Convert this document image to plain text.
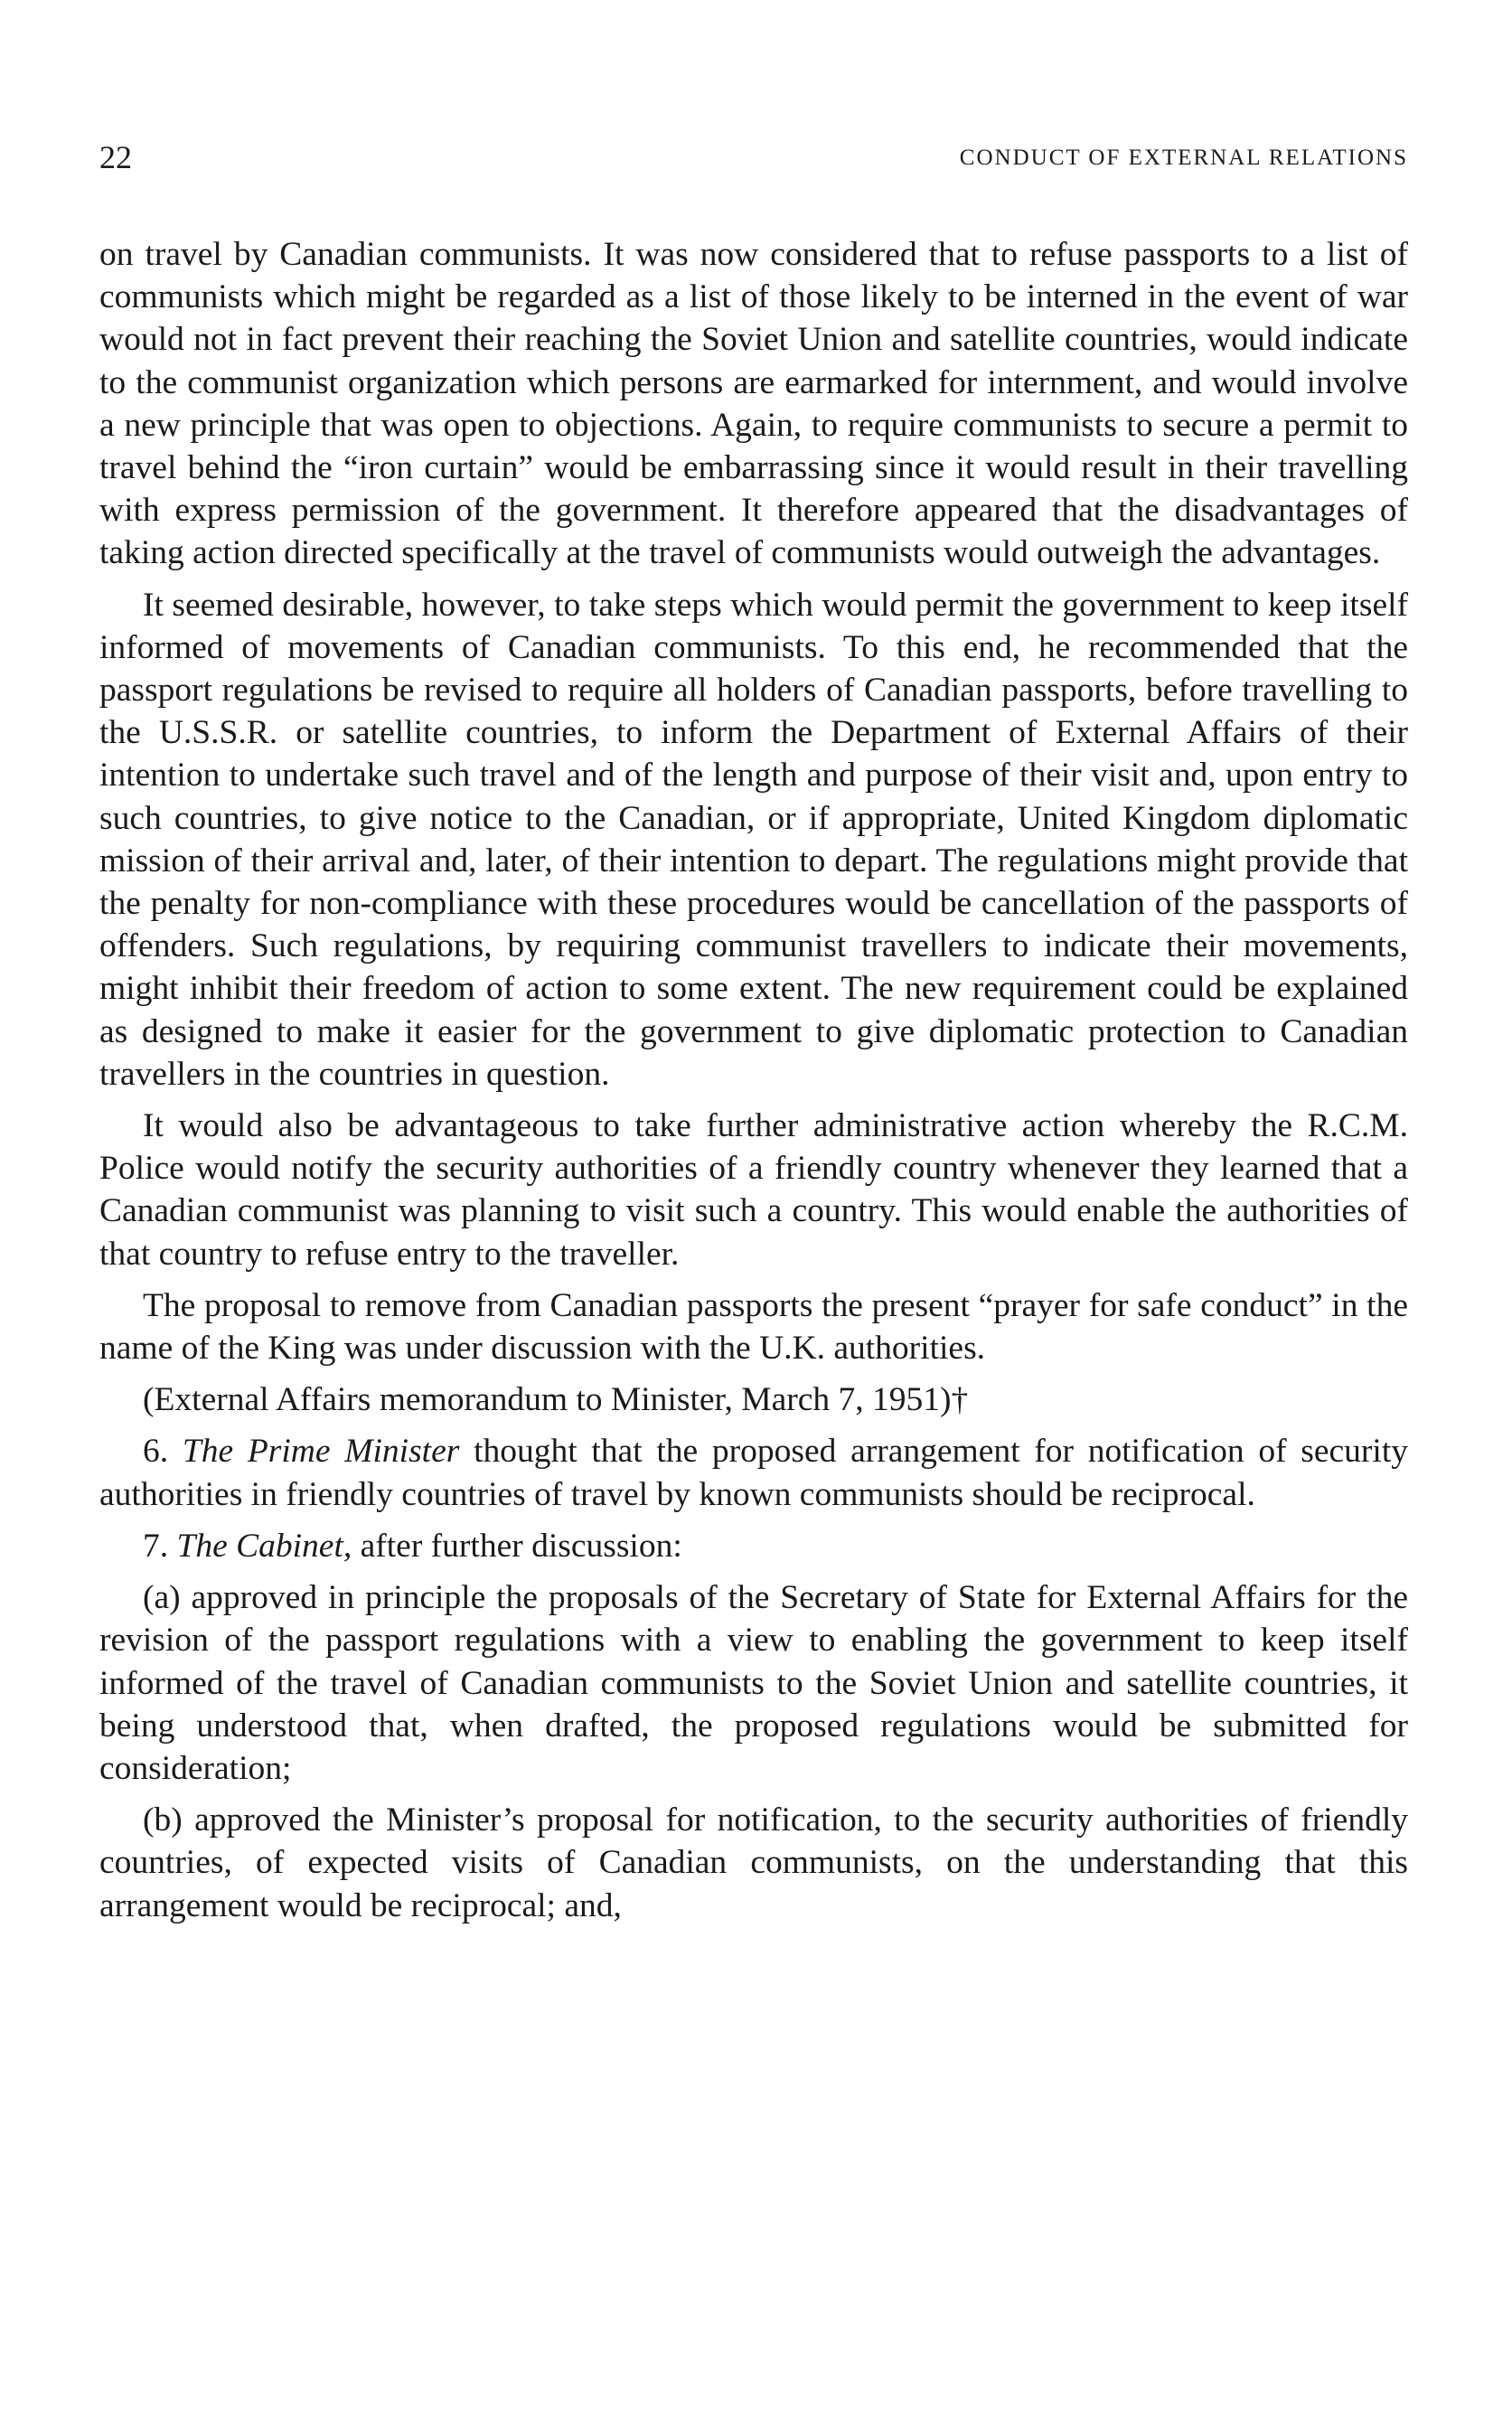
22	CONDUCT OF EXTERNAL RELATIONS

on travel by Canadian communists. It was now considered that to refuse passports to a list of communists which might be regarded as a list of those likely to be interned in the event of war would not in fact prevent their reaching the Soviet Union and satellite countries, would indicate to the communist organization which persons are earmarked for internment, and would involve a new principle that was open to objections. Again, to require communists to secure a permit to travel behind the “iron curtain” would be embarrassing since it would result in their travelling with express permission of the government. It therefore appeared that the disadvantages of taking action directed specifically at the travel of communists would outweigh the advantages.

It seemed desirable, however, to take steps which would permit the government to keep itself informed of movements of Canadian communists. To this end, he recommended that the passport regulations be revised to require all holders of Canadian passports, before travelling to the U.S.S.R. or satellite countries, to inform the Department of External Affairs of their intention to undertake such travel and of the length and purpose of their visit and, upon entry to such countries, to give notice to the Canadian, or if appropriate, United Kingdom diplomatic mission of their arrival and, later, of their intention to depart. The regulations might provide that the penalty for non-compliance with these procedures would be cancellation of the passports of offenders. Such regulations, by requiring communist travellers to indicate their movements, might inhibit their freedom of action to some extent. The new requirement could be explained as designed to make it easier for the government to give diplomatic protection to Canadian travellers in the countries in question.

It would also be advantageous to take further administrative action whereby the R.C.M. Police would notify the security authorities of a friendly country whenever they learned that a Canadian communist was planning to visit such a country. This would enable the authorities of that country to refuse entry to the traveller.

The proposal to remove from Canadian passports the present “prayer for safe conduct” in the name of the King was under discussion with the U.K. authorities.

(External Affairs memorandum to Minister, March 7, 1951)†

6. The Prime Minister thought that the proposed arrangement for notification of security authorities in friendly countries of travel by known communists should be reciprocal.

7. The Cabinet, after further discussion:

(a) approved in principle the proposals of the Secretary of State for External Affairs for the revision of the passport regulations with a view to enabling the government to keep itself informed of the travel of Canadian communists to the Soviet Union and satellite countries, it being understood that, when drafted, the proposed regulations would be submitted for consideration;

(b) approved the Minister’s proposal for notification, to the security authorities of friendly countries, of expected visits of Canadian communists, on the understanding that this arrangement would be reciprocal; and,
